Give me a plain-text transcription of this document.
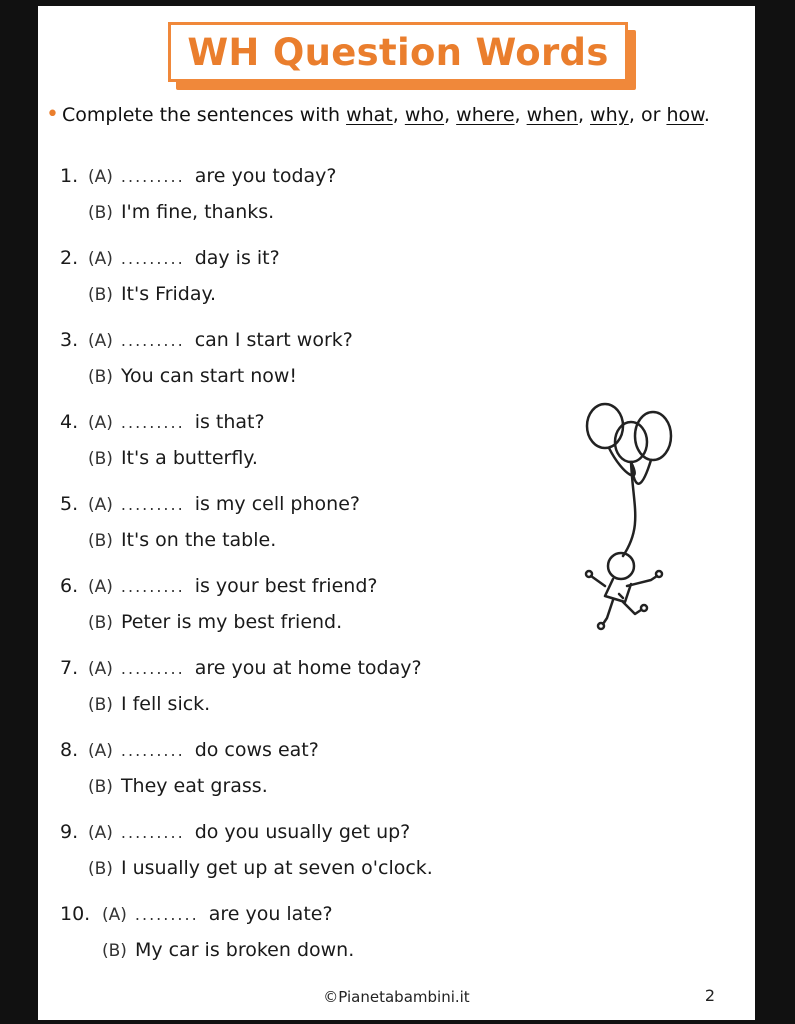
WH Question Words
• Complete the sentences with what, who, where, when, why, or how.
1. (A) ......... are you today?
(B) I'm fine, thanks.
2. (A) ......... day is it?
(B) It's Friday.
3. (A) ......... can I start work?
(B) You can start now!
4. (A) ......... is that?
(B) It's a butterfly.
5. (A) ......... is my cell phone?
(B) It's on the table.
6. (A) ......... is your best friend?
(B) Peter is my best friend.
7. (A) ......... are you at home today?
(B) I fell sick.
8. (A) ......... do cows eat?
(B) They eat grass.
9. (A) ......... do you usually get up?
(B) I usually get up at seven o'clock.
10. (A) ......... are you late?
(B) My car is broken down.
©Pianetabambini.it	2
